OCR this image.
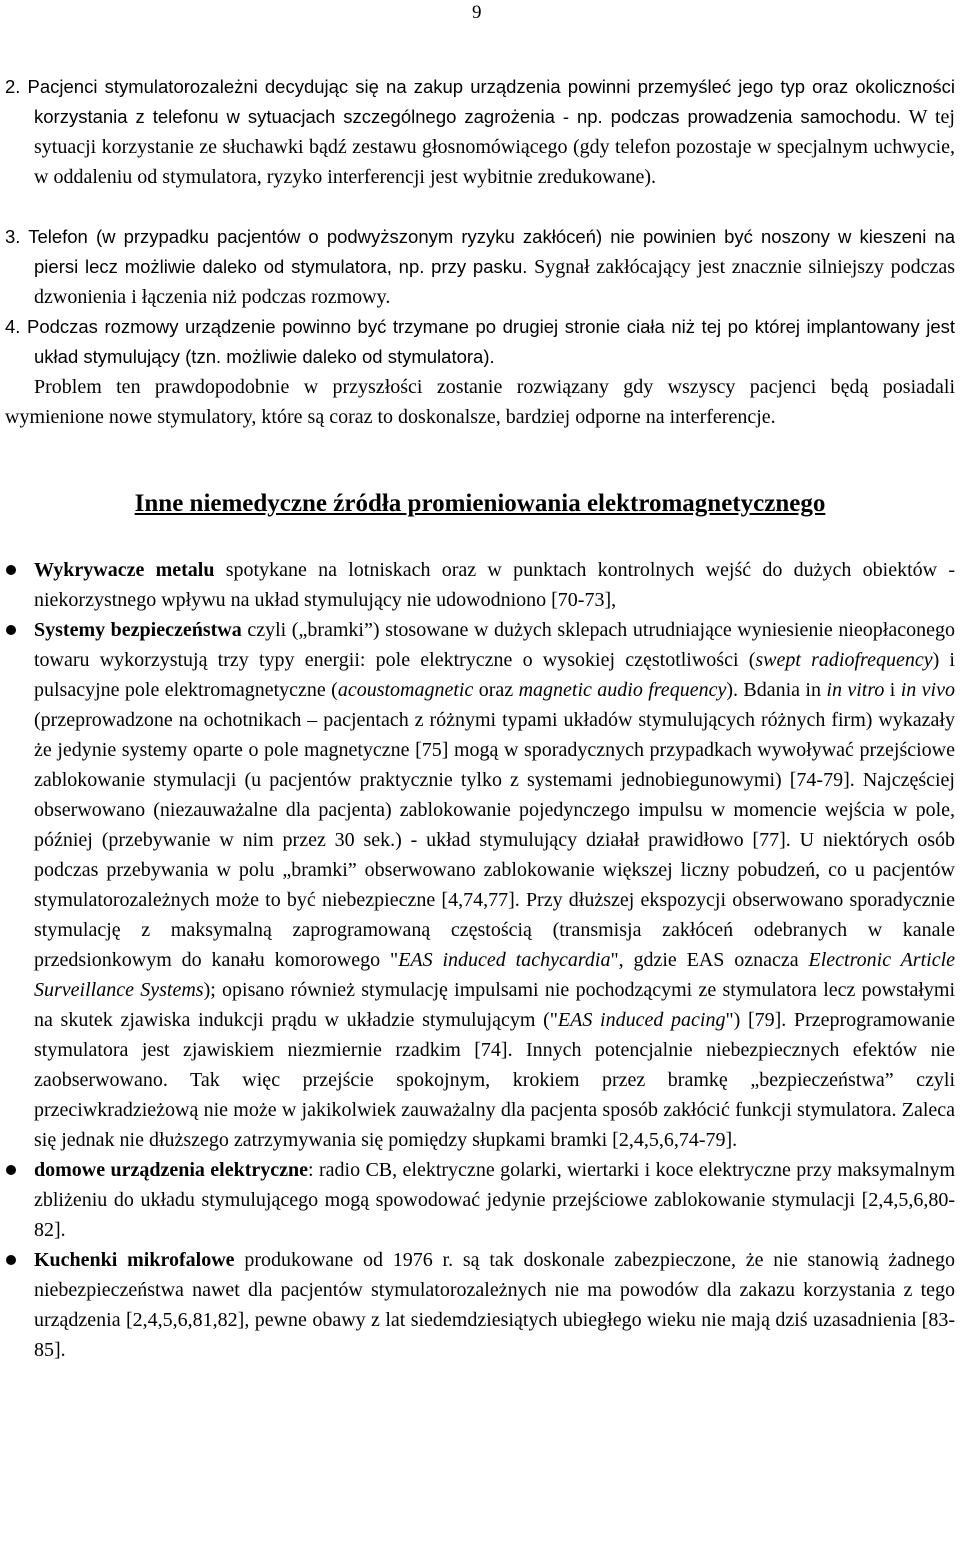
9

2. Pacjenci stymulatorozależni decydując się na zakup urządzenia powinni przemyśleć jego typ oraz okoliczności korzystania z telefonu w sytuacjach szczególnego zagrożenia - np. podczas prowadzenia samochodu. W tej sytuacji korzystanie ze słuchawki bądź zestawu głosnomówiącego (gdy telefon pozostaje w specjalnym uchwycie, w oddaleniu od stymulatora, ryzyko interferencji jest wybitnie zredukowane).

3. Telefon (w przypadku pacjentów o podwyższonym ryzyku zakłóceń) nie powinien być noszony w kieszeni na piersi lecz możliwie daleko od stymulatora, np. przy pasku. Sygnał zakłócający jest znacznie silniejszy podczas dzwonienia i łączenia niż podczas rozmowy.

4. Podczas rozmowy urządzenie powinno być trzymane po drugiej stronie ciała niż tej po której implantowany jest układ stymulujący (tzn. możliwie daleko od stymulatora).

Problem ten prawdopodobnie w przyszłości zostanie rozwiązany gdy wszyscy pacjenci będą posiadali wymienione nowe stymulatory, które są coraz to doskonalsze, bardziej odporne na interferencje.

Inne niemedyczne źródła promieniowania elektromagnetycznego
Wykrywacze metalu spotykane na lotniskach oraz w punktach kontrolnych wejść do dużych obiektów - niekorzystnego wpływu na układ stymulujący nie udowodniono [70-73],
Systemy bezpieczeństwa czyli („bramki”) stosowane w dużych sklepach utrudniające wyniesienie nieopłaconego towaru wykorzystują trzy typy energii: pole elektryczne o wysokiej częstotliwości (swept radiofrequency) i pulsacyjne pole elektromagnetyczne (acoustomagnetic oraz magnetic audio frequency). Bdania in in vitro i in vivo (przeprowadzone na ochotnikach – pacjentach z różnymi typami układów stymulujących różnych firm) wykazały że jedynie systemy oparte o pole magnetyczne [75] mogą w sporadycznych przypadkach wywoływać przejściowe zablokowanie stymulacji (u pacjentów praktycznie tylko z systemami jednobiegunowymi) [74-79]. Najczęściej obserwowano (niezauważalne dla pacjenta) zablokowanie pojedynczego impulsu w momencie wejścia w pole, później (przebywanie w nim przez 30 sek.) - układ stymulujący działał prawidłowo [77]. U niektórych osób podczas przebywania w polu „bramki” obserwowano zablokowanie większej liczny pobudzeń, co u pacjentów stymulatorozależnych może to być niebezpieczne [4,74,77]. Przy dłuższej ekspozycji obserwowano sporadycznie stymulację z maksymalną zaprogramowaną częstością (transmisja zakłóceń odebranych w kanale przedsionkowym do kanału komorowego "EAS induced tachycardia", gdzie EAS oznacza Electronic Article Surveillance Systems); opisano również stymulację impulsami nie pochodzącymi ze stymulatora lecz powstałymi na skutek zjawiska indukcji prądu w układzie stymulującym ("EAS induced pacing") [79]. Przeprogramowanie stymulatora jest zjawiskiem niezmiernie rzadkim [74]. Innych potencjalnie niebezpiecznych efektów nie zaobserwowano. Tak więc przejście spokojnym, krokiem przez bramkę „bezpieczeństwa” czyli przeciwkradzieżową nie może w jakikolwiek zauważalny dla pacjenta sposób zakłócić funkcji stymulatora. Zaleca się jednak nie dłuższego zatrzymywania się pomiędzy słupkami bramki [2,4,5,6,74-79].
domowe urządzenia elektryczne: radio CB, elektryczne golarki, wiertarki i koce elektryczne przy maksymalnym zbliżeniu do układu stymulującego mogą spowodować jedynie przejściowe zablokowanie stymulacji [2,4,5,6,80-82].
Kuchenki mikrofalowe produkowane od 1976 r. są tak doskonale zabezpieczone, że nie stanowią żadnego niebezpieczeństwa nawet dla pacjentów stymulatorozależnych nie ma powodów dla zakazu korzystania z tego urządzenia [2,4,5,6,81,82], pewne obawy z lat siedemdziesiątych ubiegłego wieku nie mają dziś uzasadnienia [83-85].
